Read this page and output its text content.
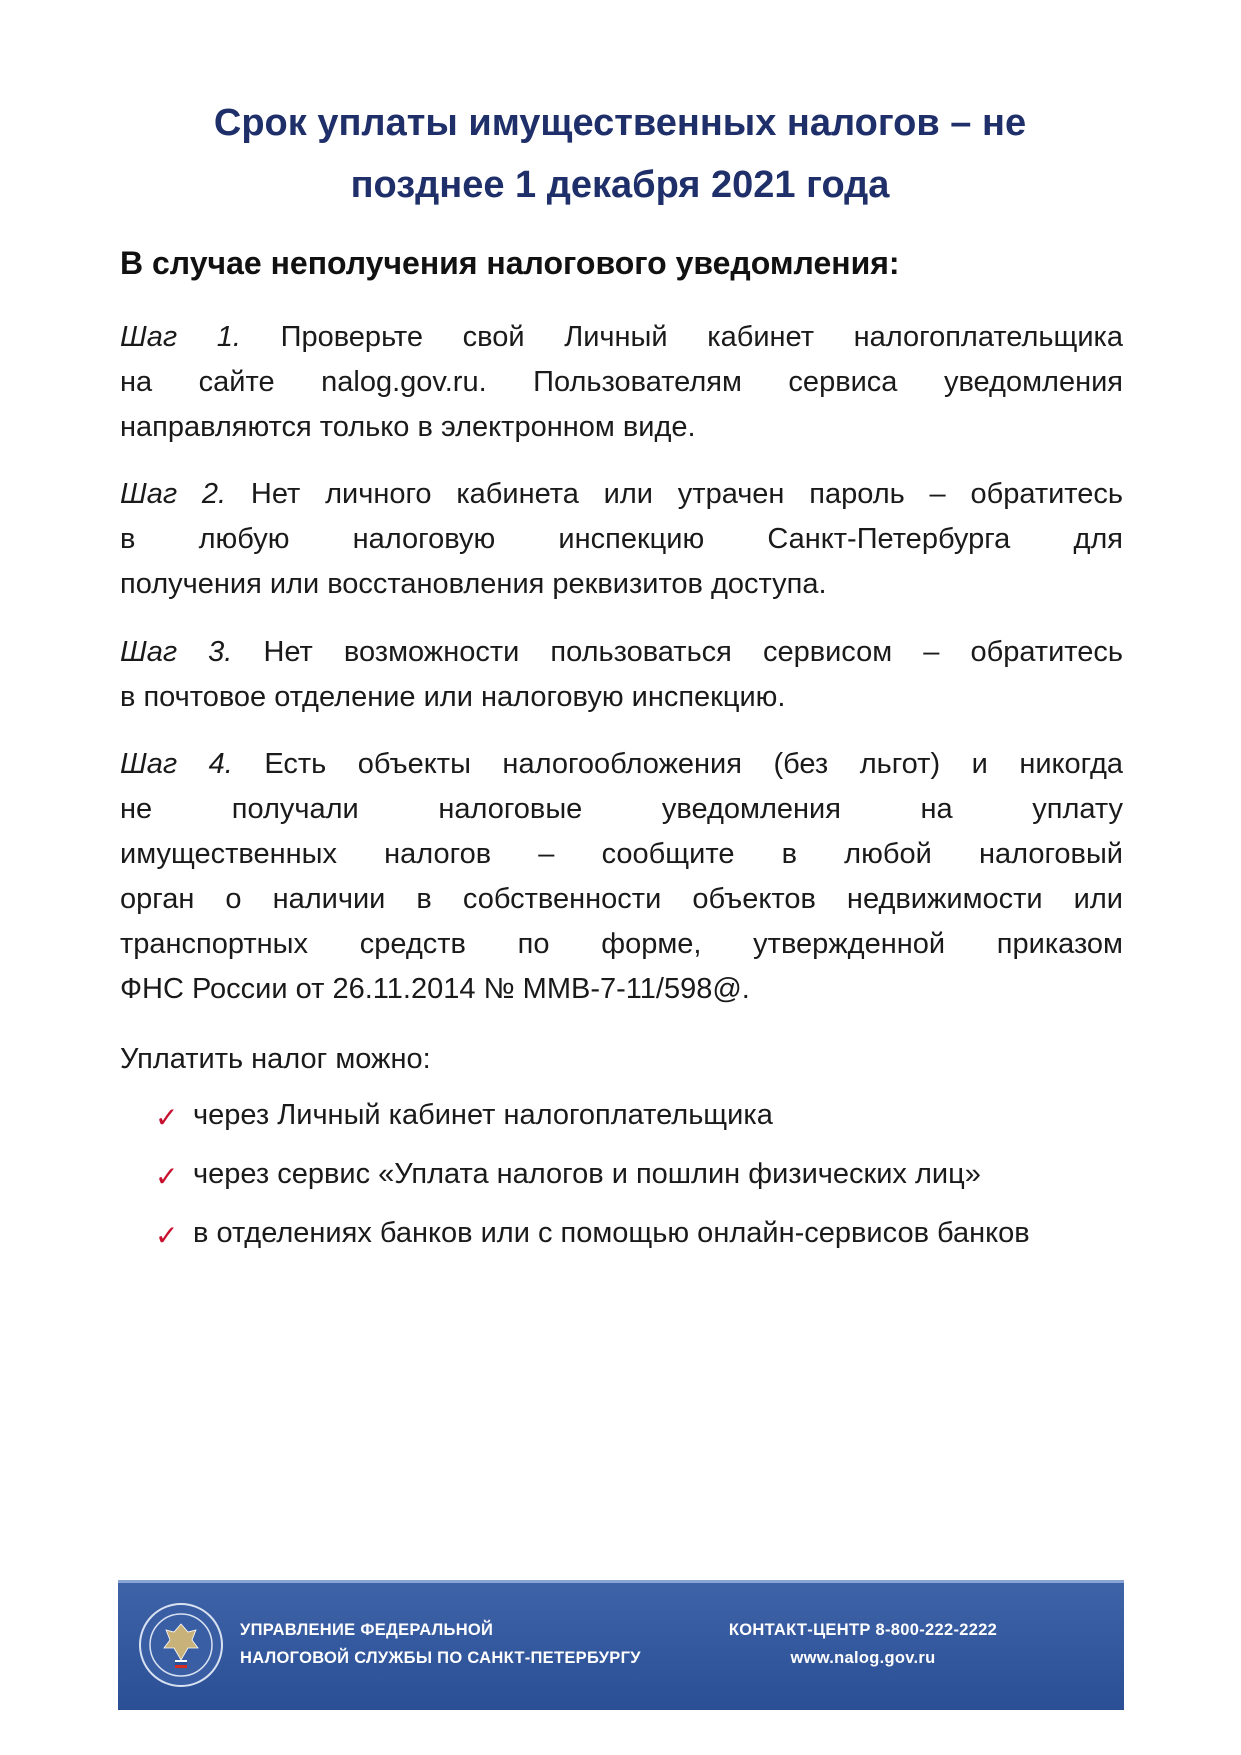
Срок уплаты имущественных налогов – не
позднее 1 декабря 2021 года
В случае неполучения налогового уведомления:
Шаг 1. Проверьте свой Личный кабинет налогоплательщика
на сайте nalog.gov.ru. Пользователям сервиса уведомления
направляются только в электронном виде.
Шаг 2. Нет личного кабинета или утрачен пароль – обратитесь
в любую налоговую инспекцию Санкт-Петербурга для
получения или восстановления реквизитов доступа.
Шаг 3. Нет возможности пользоваться сервисом – обратитесь
в почтовое отделение или налоговую инспекцию.
Шаг 4. Есть объекты налогообложения (без льгот) и никогда
не получали налоговые уведомления на уплату
имущественных налогов – сообщите в любой налоговый
орган о наличии в собственности объектов недвижимости или
транспортных средств по форме, утвержденной приказом
ФНС России от 26.11.2014 № ММВ-7-11/598@.
Уплатить налог можно:
✓ через Личный кабинет налогоплательщика
✓ через сервис «Уплата налогов и пошлин физических лиц»
✓ в отделениях банков или с помощью онлайн-сервисов банков
УПРАВЛЕНИЕ ФЕДЕРАЛЬНОЙ
НАЛОГОВОЙ СЛУЖБЫ ПО САНКТ-ПЕТЕРБУРГУ
КОНТАКТ-ЦЕНТР 8-800-222-2222
www.nalog.gov.ru
